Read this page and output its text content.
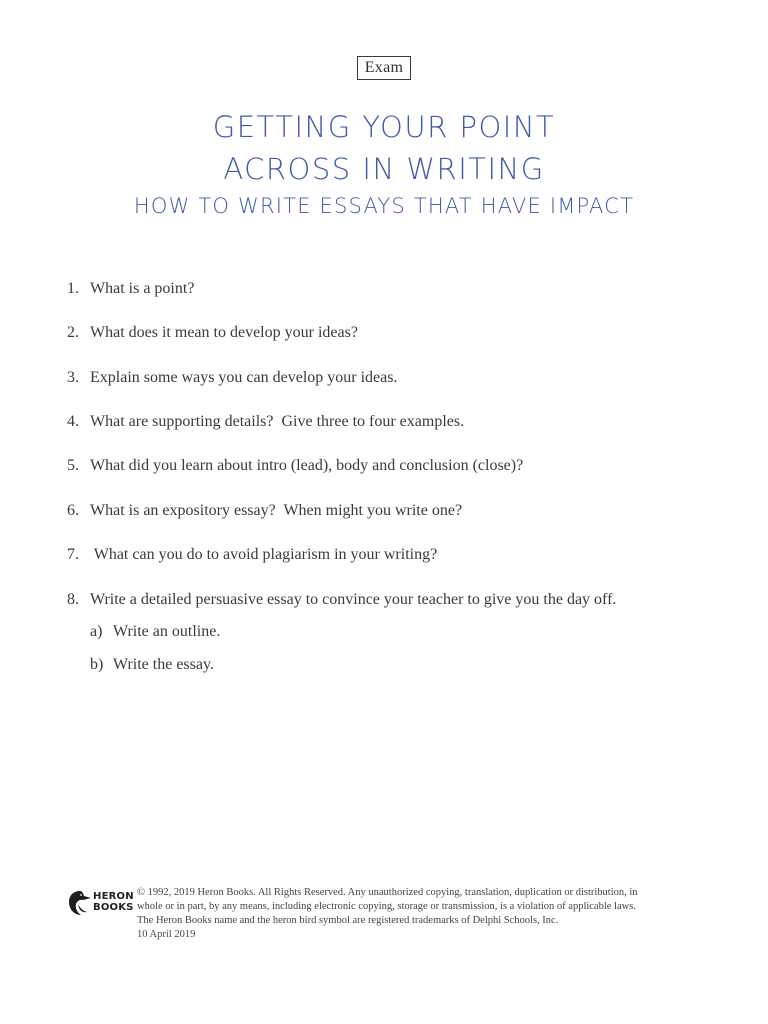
Exam
GETTING YOUR POINT
ACROSS IN WRITING
HOW TO WRITE ESSAYS THAT HAVE IMPACT
1. What is a point?
2. What does it mean to develop your ideas?
3. Explain some ways you can develop your ideas.
4. What are supporting details?  Give three to four examples.
5. What did you learn about intro (lead), body and conclusion (close)?
6. What is an expository essay?  When might you write one?
7. What can you do to avoid plagiarism in your writing?
8. Write a detailed persuasive essay to convince your teacher to give you the day off.
a) Write an outline.
b) Write the essay.
HERON
BOOKS
© 1992, 2019 Heron Books. All Rights Reserved. Any unauthorized copying, translation, duplication or distribution, in
whole or in part, by any means, including electronic copying, storage or transmission, is a violation of applicable laws.
The Heron Books name and the heron bird symbol are registered trademarks of Delphi Schools, Inc.
10 April 2019
